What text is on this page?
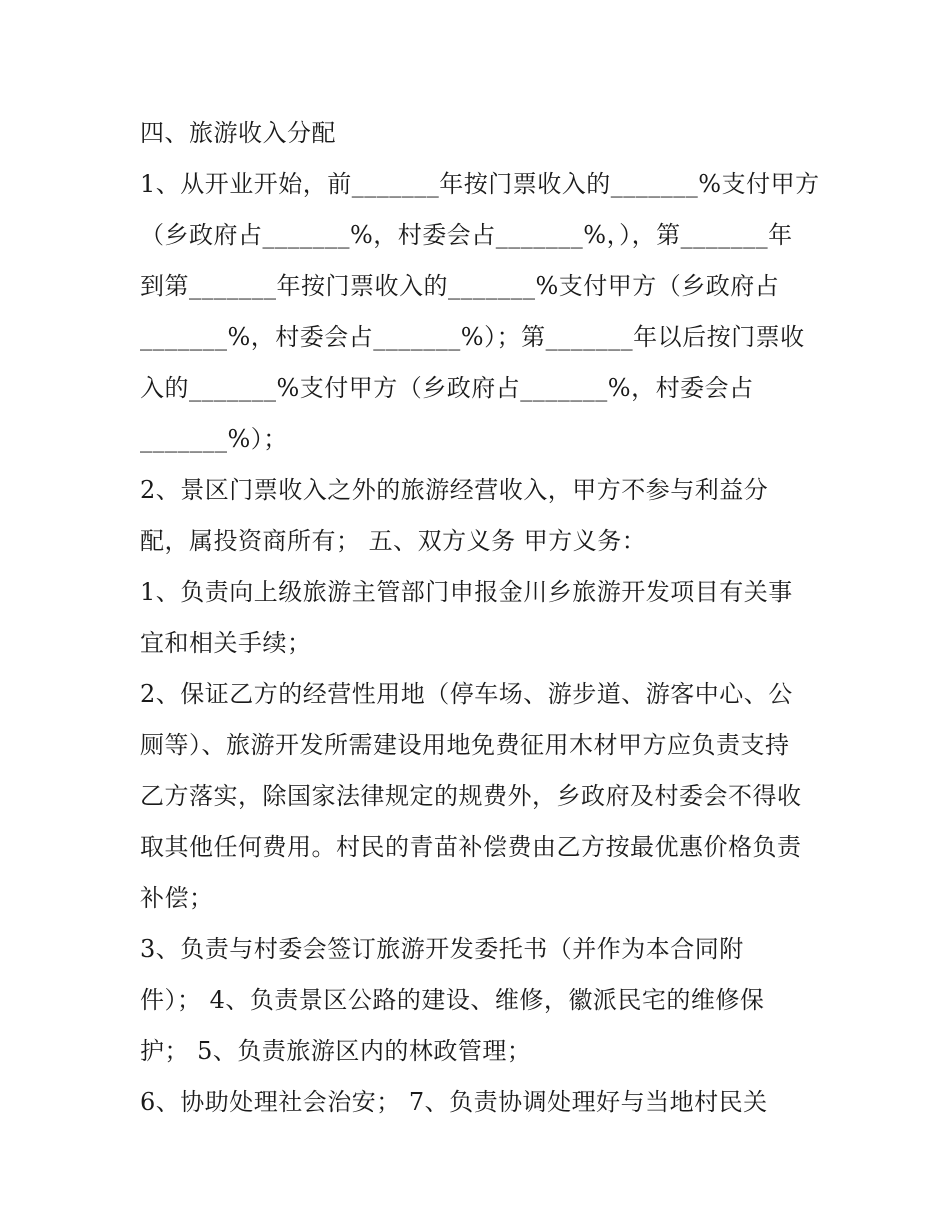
四、旅游收入分配
1、从开业开始，前_______年按门票收入的_______%支付甲方
（乡政府占_______%，村委会占_______%，），第_______年
到第_______年按门票收入的_______%支付甲方（乡政府占
_______%，村委会占_______%）；第_______年以后按门票收
入的_______%支付甲方（乡政府占_______%，村委会占
_______%）；
2、景区门票收入之外的旅游经营收入，甲方不参与利益分
配，属投资商所有； 五、双方义务 甲方义务：
1、负责向上级旅游主管部门申报金川乡旅游开发项目有关事
宜和相关手续；
2、保证乙方的经营性用地（停车场、游步道、游客中心、公
厕等）、旅游开发所需建设用地免费征用木材甲方应负责支持
乙方落实，除国家法律规定的规费外，乡政府及村委会不得收
取其他任何费用。村民的青苗补偿费由乙方按最优惠价格负责
补偿；
3、负责与村委会签订旅游开发委托书（并作为本合同附
件）； 4、负责景区公路的建设、维修，徽派民宅的维修保
护； 5、负责旅游区内的林政管理；
6、协助处理社会治安； 7、负责协调处理好与当地村民关
